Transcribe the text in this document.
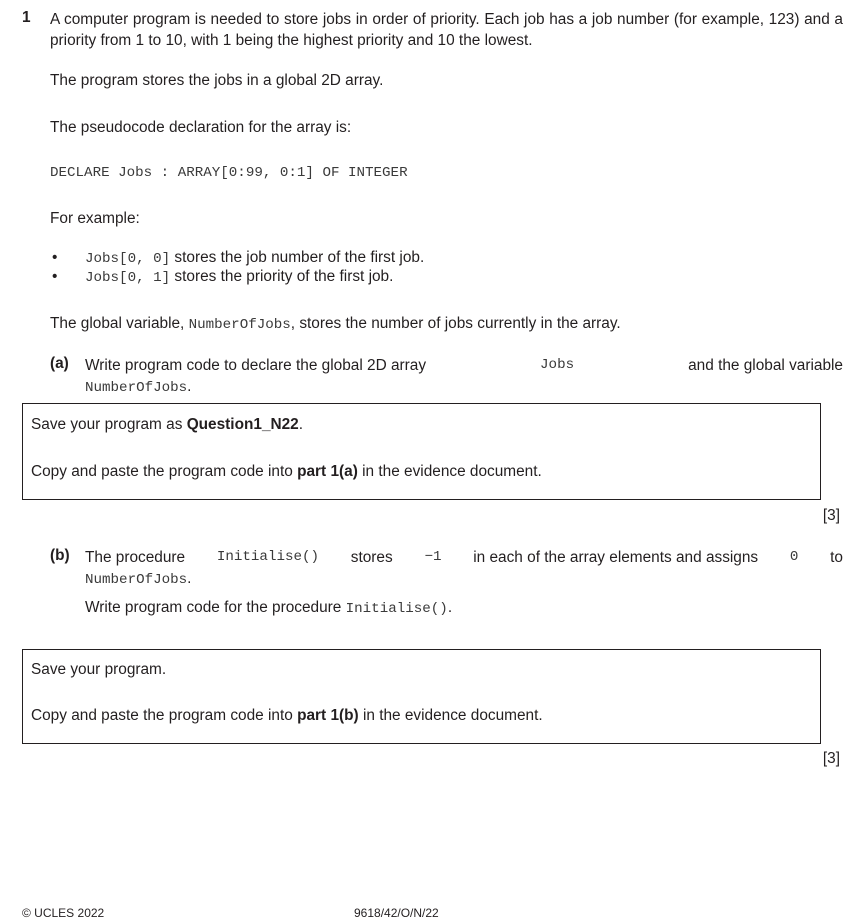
1 A computer program is needed to store jobs in order of priority. Each job has a job number (for example, 123) and a priority from 1 to 10, with 1 being the highest priority and 10 the lowest.
The program stores the jobs in a global 2D array.
The pseudocode declaration for the array is:
DECLARE Jobs : ARRAY[0:99, 0:1] OF INTEGER
For example:
• Jobs[0, 0] stores the job number of the first job.
• Jobs[0, 1] stores the priority of the first job.
The global variable, NumberOfJobs, stores the number of jobs currently in the array.
(a) Write program code to declare the global 2D array	Jobs	and the global variable
NumberOfJobs.
Save your program as Question1_N22.
Copy and paste the program code into part 1(a) in the evidence document.
[3]
(b) The procedure Initialise() stores −1 in each of the array elements and assigns 0 to
NumberOfJobs.
Write program code for the procedure Initialise().
Save your program.
Copy and paste the program code into part 1(b) in the evidence document.
[3]
© UCLES 2022	9618/42/O/N/22
